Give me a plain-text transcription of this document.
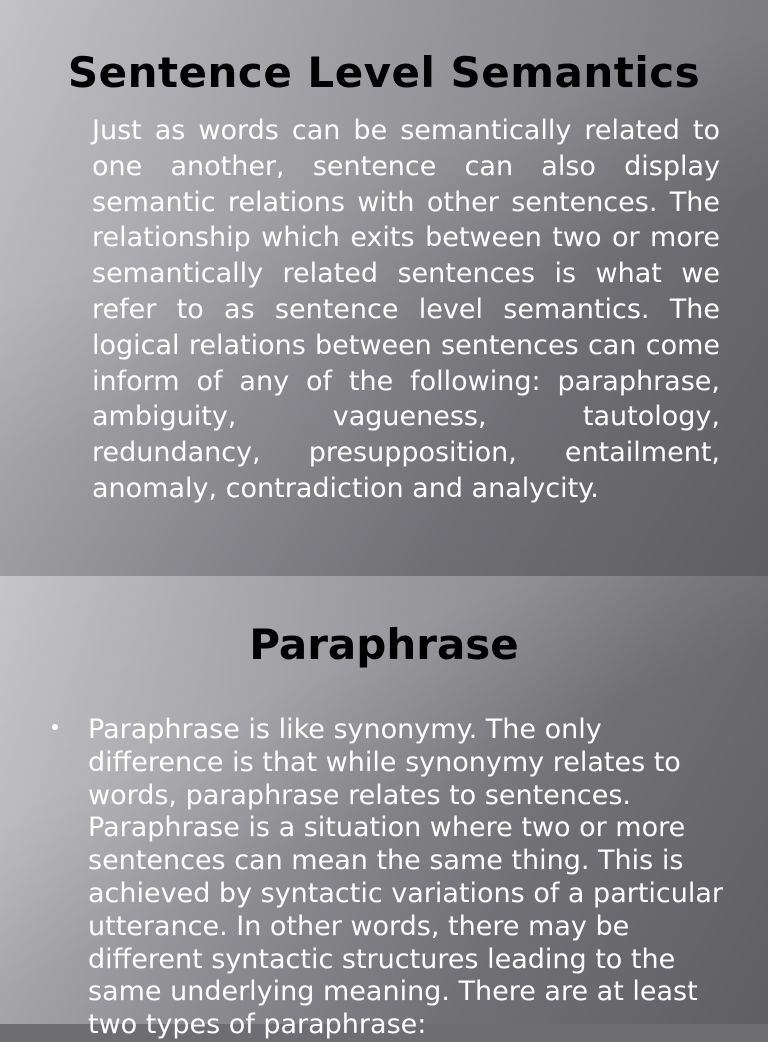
Sentence Level Semantics

Just as words can be semantically related to one another, sentence can also display semantic relations with other sentences. The relationship which exits between two or more semantically related sentences is what we refer to as sentence level semantics. The logical relations between sentences can come inform of any of the following: paraphrase, ambiguity, vagueness, tautology, redundancy, presupposition, entailment, anomaly, contradiction and analycity.

Paraphrase

Paraphrase is like synonymy. The only difference is that while synonymy relates to words, paraphrase relates to sentences. Paraphrase is a situation where two or more sentences can mean the same thing. This is achieved by syntactic variations of a particular utterance. In other words, there may be different syntactic structures leading to the same underlying meaning. There are at least two types of paraphrase:
